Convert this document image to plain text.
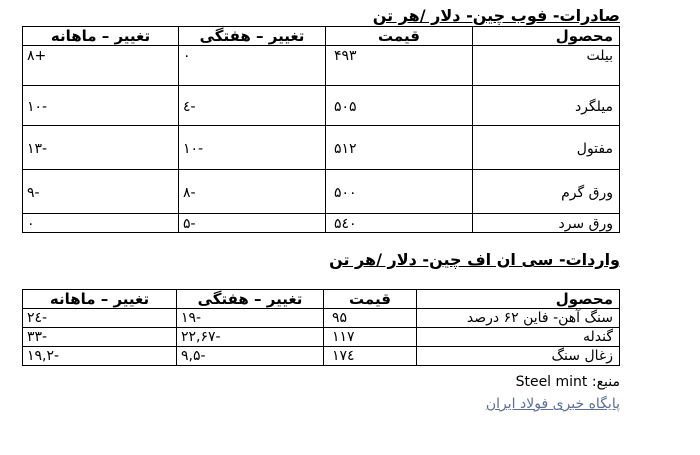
صادرات- فوب چین- دلار /هر تن
محصول	قیمت	تغییر – هفتگی	تغییر – ماهانه
بیلت	۴۹۳	۰	+۸
میلگرد	۵۰۵	-٤	-۱۰
مفتول	۵۱۲	-۱۰	-۱۳
ورق گرم	۵۰۰	-۸	-۹
ورق سرد	۵٤۰	-۵	۰
واردات- سی ان اف چین- دلار /هر تن
محصول	قیمت	تغییر – هفتگی	تغییر – ماهانه
سنگ آهن- فاین ۶۲ درصد	۹۵	-۱۹	-۲٤
گندله	۱۱۷	-۲۲,۶۷	-۳۳
زغال سنگ	۱۷٤	-۹,۵	-۱۹,۲
منبع: Steel mint
پایگاه خبری فولاد ایران
